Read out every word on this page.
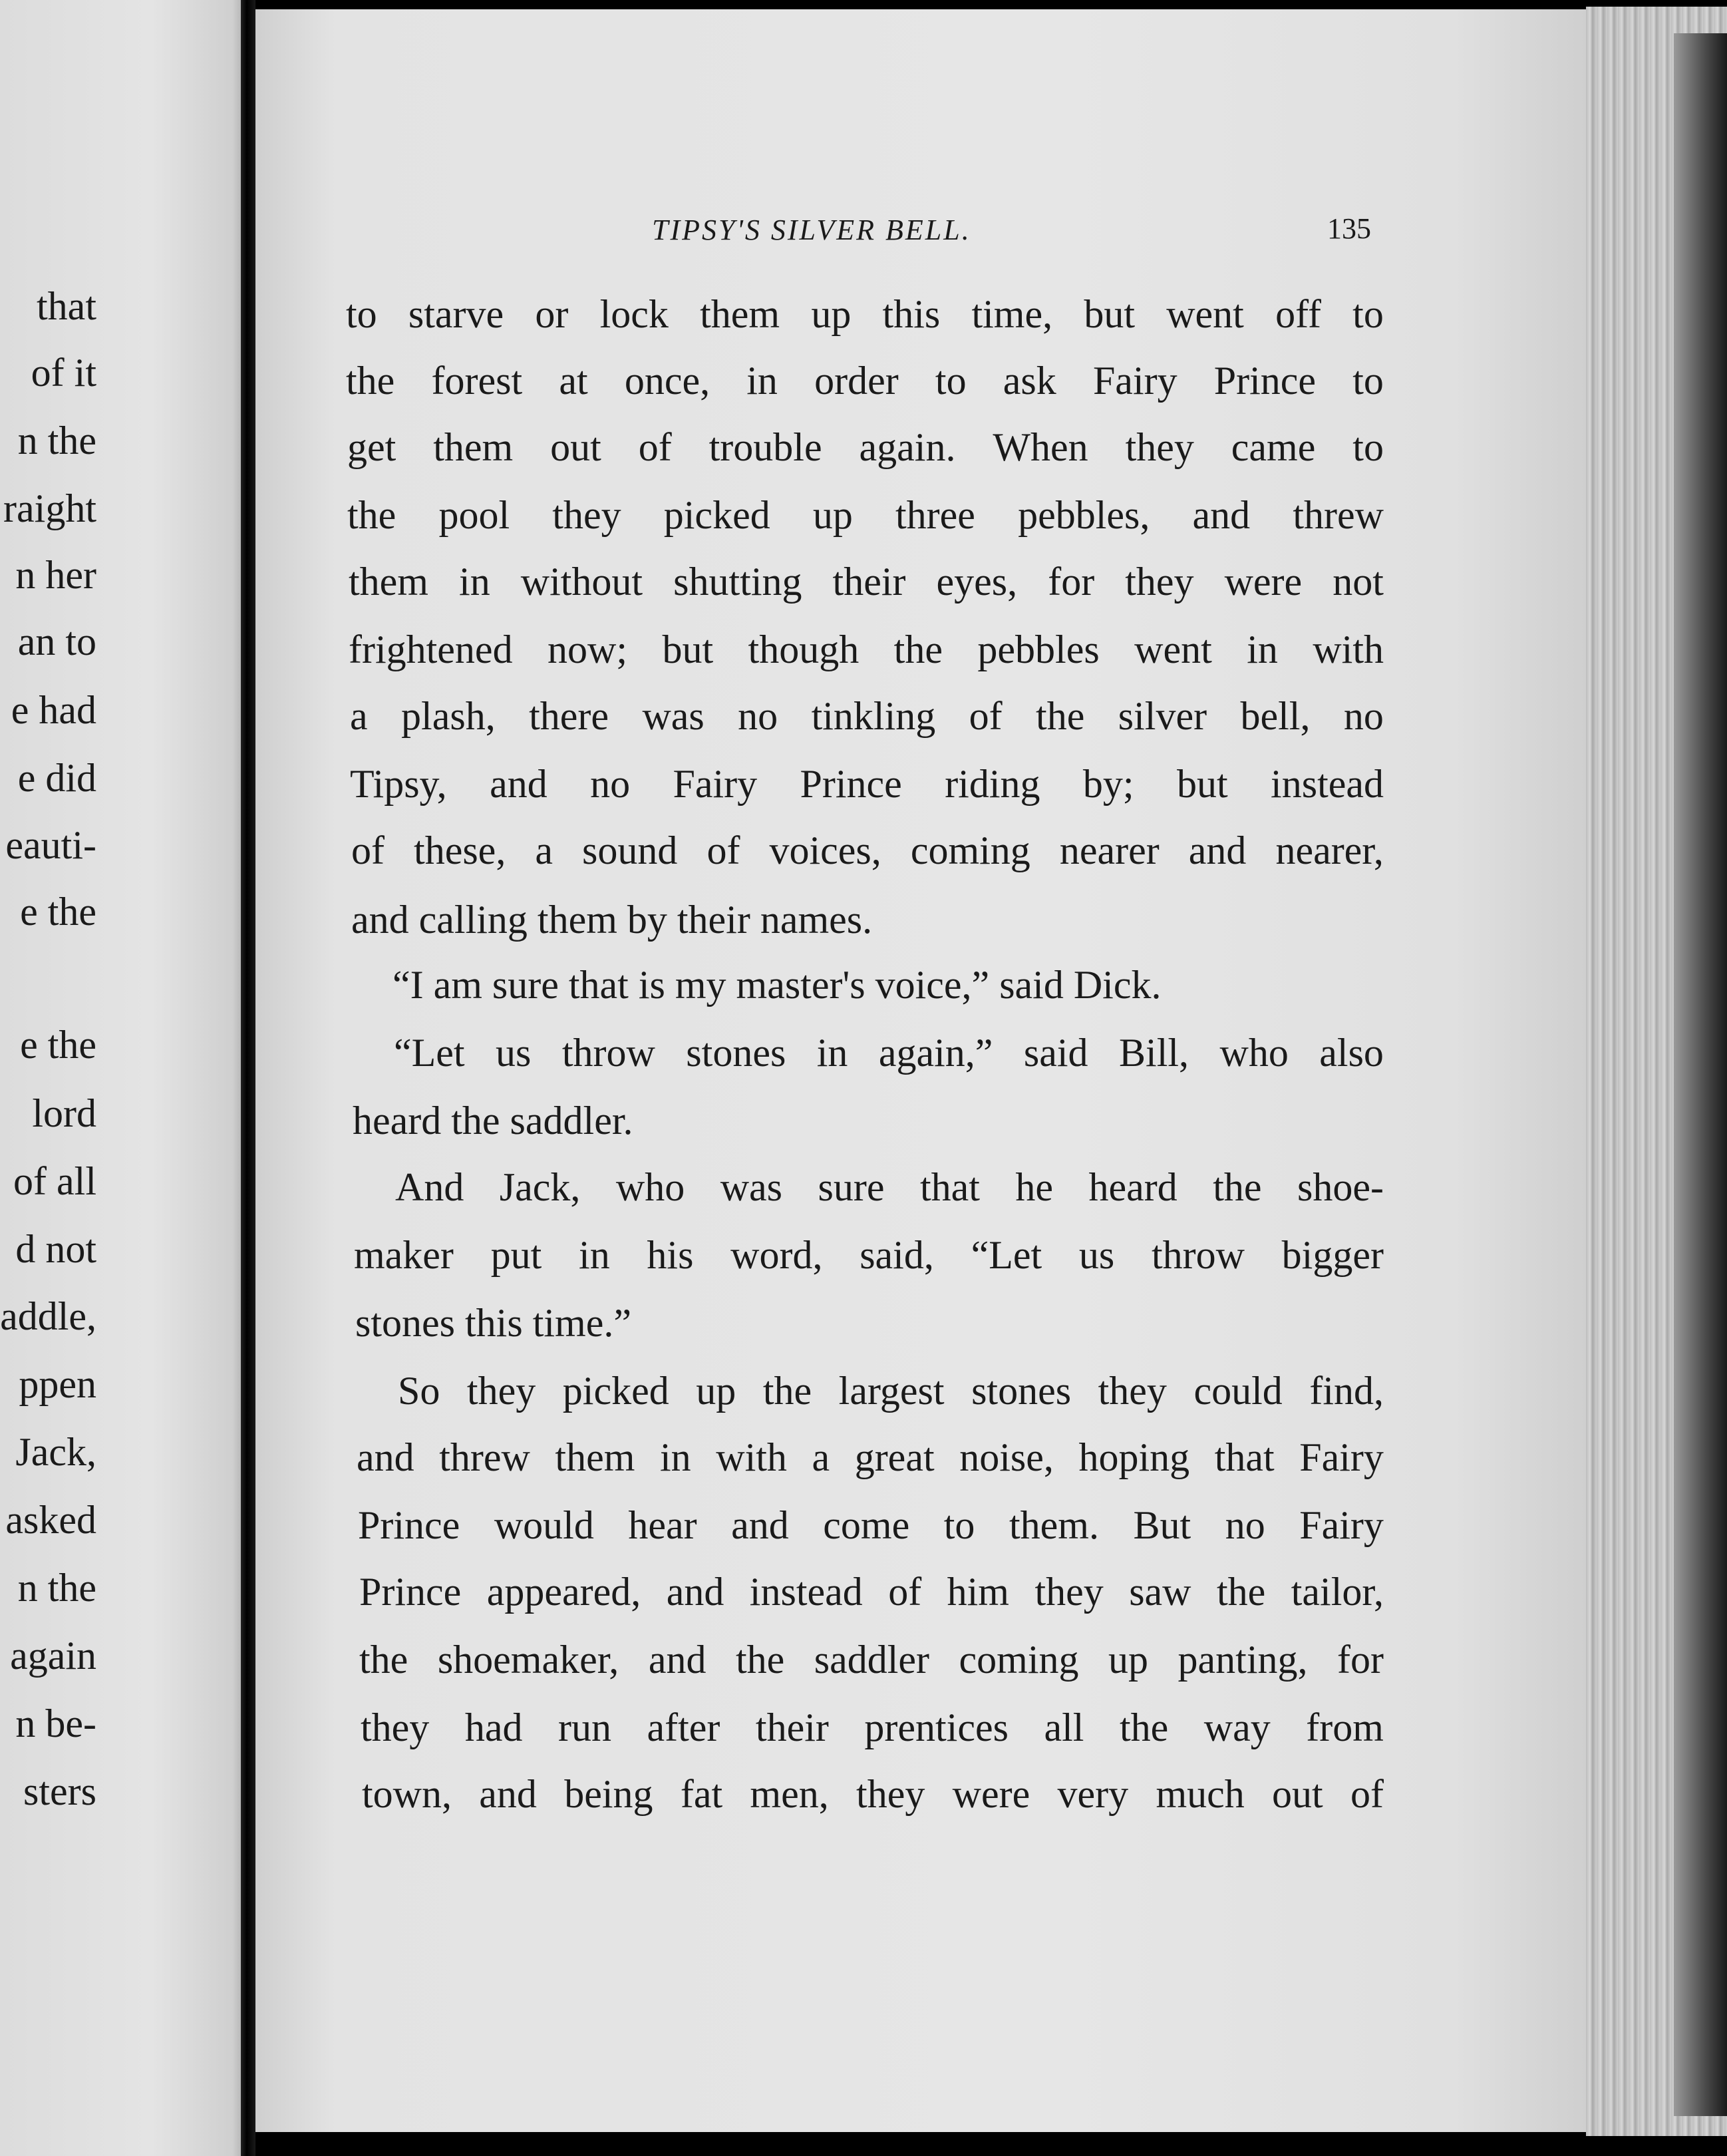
that
of it
n the
raight
n her
an to
e had
e did
eauti-
e the
e the
lord
of all
d not
addle,
ppen
Jack,
asked
n the
again
n be-
sters
TIPSY'S SILVER BELL.	135
to starve or lock them up this time, but went off to
the forest at once, in order to ask Fairy Prince to
get them out of trouble again. When they came to
the pool they picked up three pebbles, and threw
them in without shutting their eyes, for they were not
frightened now; but though the pebbles went in with
a plash, there was no tinkling of the silver bell, no
Tipsy, and no Fairy Prince riding by; but instead
of these, a sound of voices, coming nearer and nearer,
and calling them by their names.
“I am sure that is my master's voice,” said Dick.
“Let us throw stones in again,” said Bill, who also
heard the saddler.
And Jack, who was sure that he heard the shoe-
maker put in his word, said, “Let us throw bigger
stones this time.”
So they picked up the largest stones they could find,
and threw them in with a great noise, hoping that Fairy
Prince would hear and come to them. But no Fairy
Prince appeared, and instead of him they saw the tailor,
the shoemaker, and the saddler coming up panting, for
they had run after their prentices all the way from
town, and being fat men, they were very much out of
